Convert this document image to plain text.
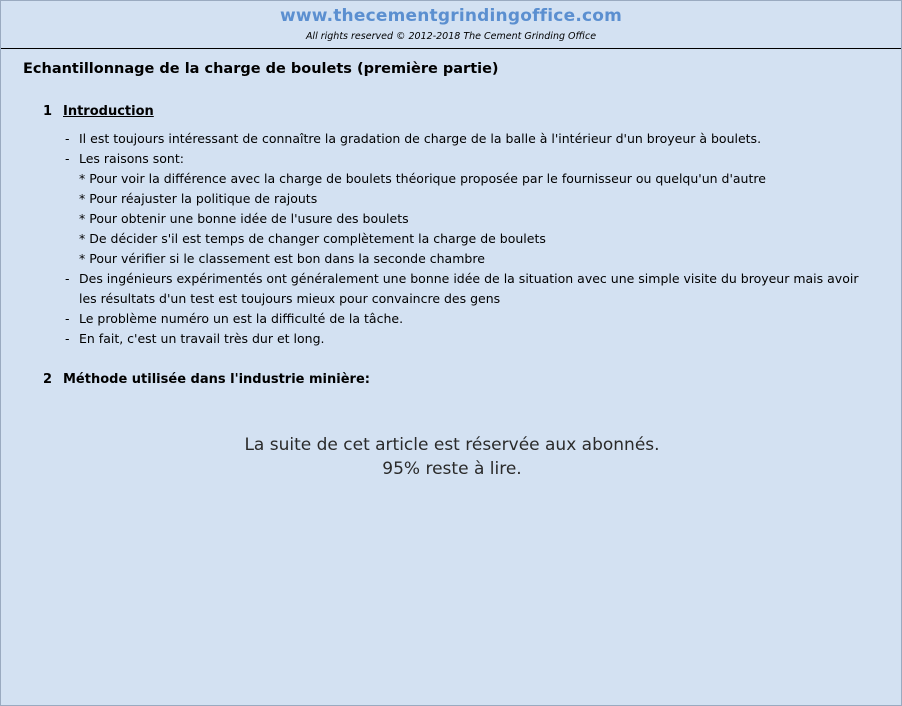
www.thecementgrindingoffice.com
All rights reserved © 2012-2018 The Cement Grinding Office
Echantillonnage de la charge de boulets (première partie)
1 Introduction
- Il est toujours intéressant de connaître la gradation de charge de la balle à l'intérieur d'un broyeur à boulets.
- Les raisons sont:
* Pour voir la différence avec la charge de boulets théorique proposée par le fournisseur ou quelqu'un d'autre
* Pour réajuster la politique de rajouts
* Pour obtenir une bonne idée de l'usure des boulets
* De décider s'il est temps de changer complètement la charge de boulets
* Pour vérifier si le classement est bon dans la seconde chambre
- Des ingénieurs expérimentés ont généralement une bonne idée de la situation avec une simple visite du broyeur mais avoir
les résultats d'un test est toujours mieux pour convaincre des gens
- Le problème numéro un est la difficulté de la tâche.
- En fait, c'est un travail très dur et long.
2 Méthode utilisée dans l'industrie minière:
La suite de cet article est réservée aux abonnés.
95% reste à lire.
